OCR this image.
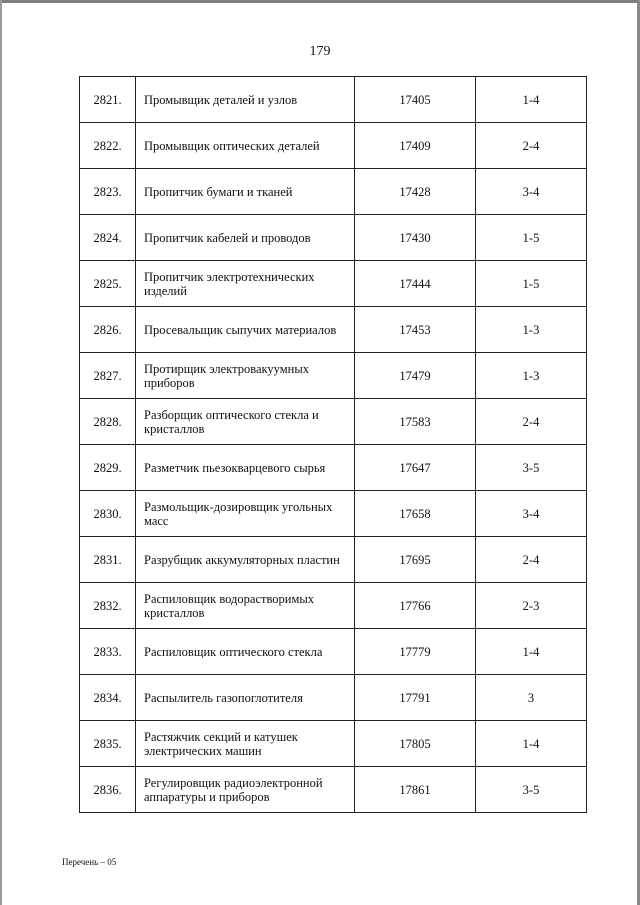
179
2821.	Промывщик деталей и узлов	17405	1-4
2822.	Промывщик оптических деталей	17409	2-4
2823.	Пропитчик бумаги и тканей	17428	3-4
2824.	Пропитчик кабелей и проводов	17430	1-5
2825.	Пропитчик электротехнических изделий	17444	1-5
2826.	Просевальщик сыпучих материалов	17453	1-3
2827.	Протирщик электровакуумных приборов	17479	1-3
2828.	Разборщик оптического стекла и кристаллов	17583	2-4
2829.	Разметчик пьезокварцевого сырья	17647	3-5
2830.	Размольщик-дозировщик угольных масс	17658	3-4
2831.	Разрубщик аккумуляторных пластин	17695	2-4
2832.	Распиловщик водорастворимых кристаллов	17766	2-3
2833.	Распиловщик оптического стекла	17779	1-4
2834.	Распылитель газопоглотителя	17791	3
2835.	Растяжчик секций и катушек электрических машин	17805	1-4
2836.	Регулировщик радиоэлектронной аппаратуры и приборов	17861	3-5
Перечень – 05
